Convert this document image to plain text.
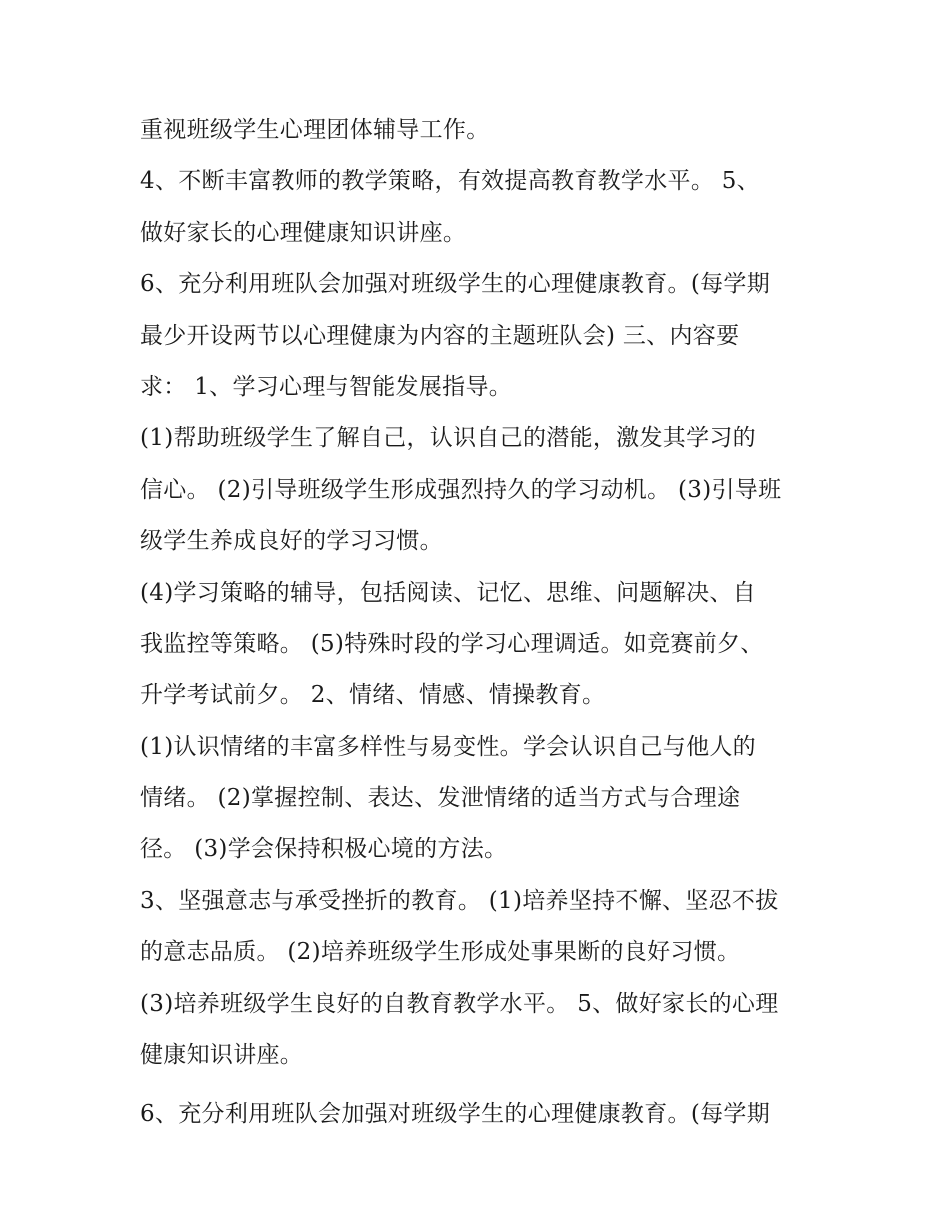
重视班级学生心理团体辅导工作。
4、不断丰富教师的教学策略，有效提高教育教学水平。 5、
做好家长的心理健康知识讲座。
6、充分利用班队会加强对班级学生的心理健康教育。(每学期
最少开设两节以心理健康为内容的主题班队会) 三、内容要
求： 1、学习心理与智能发展指导。
(1)帮助班级学生了解自己，认识自己的潜能，激发其学习的
信心。 (2)引导班级学生形成强烈持久的学习动机。 (3)引导班
级学生养成良好的学习习惯。
(4)学习策略的辅导，包括阅读、记忆、思维、问题解决、自
我监控等策略。 (5)特殊时段的学习心理调适。如竞赛前夕、
升学考试前夕。 2、情绪、情感、情操教育。
(1)认识情绪的丰富多样性与易变性。学会认识自己与他人的
情绪。 (2)掌握控制、表达、发泄情绪的适当方式与合理途
径。 (3)学会保持积极心境的方法。
3、坚强意志与承受挫折的教育。 (1)培养坚持不懈、坚忍不拔
的意志品质。 (2)培养班级学生形成处事果断的良好习惯。
(3)培养班级学生良好的自教育教学水平。 5、做好家长的心理
健康知识讲座。
6、充分利用班队会加强对班级学生的心理健康教育。(每学期
